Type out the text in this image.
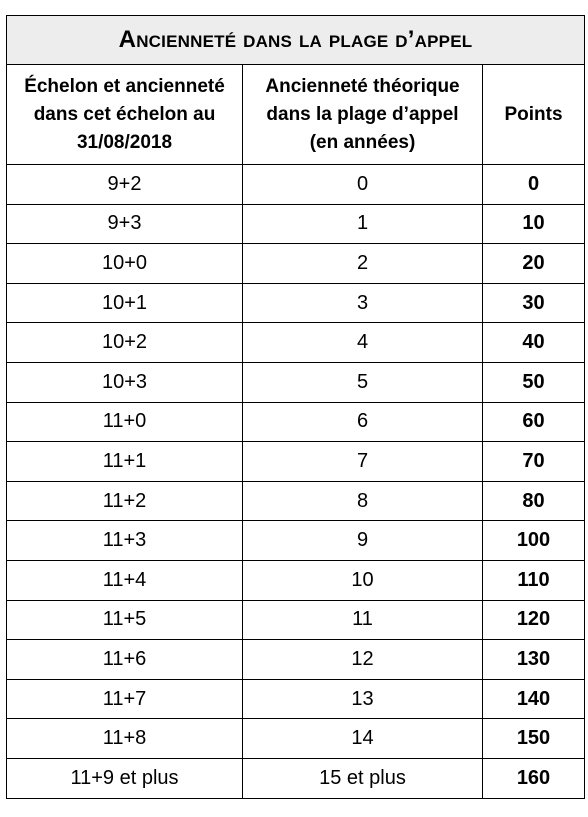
Ancienneté dans la plage d’appel		

Échelon et ancienneté
dans cet échelon au
31/08/2018	Ancienneté théorique
dans la plage d’appel
(en années)	Points

9+2	0	0
9+3	1	10
10+0	2	20
10+1	3	30
10+2	4	40
10+3	5	50
11+0	6	60
11+1	7	70
11+2	8	80
11+3	9	100
11+4	10	110
11+5	11	120
11+6	12	130
11+7	13	140
11+8	14	150
11+9 et plus	15 et plus	160
